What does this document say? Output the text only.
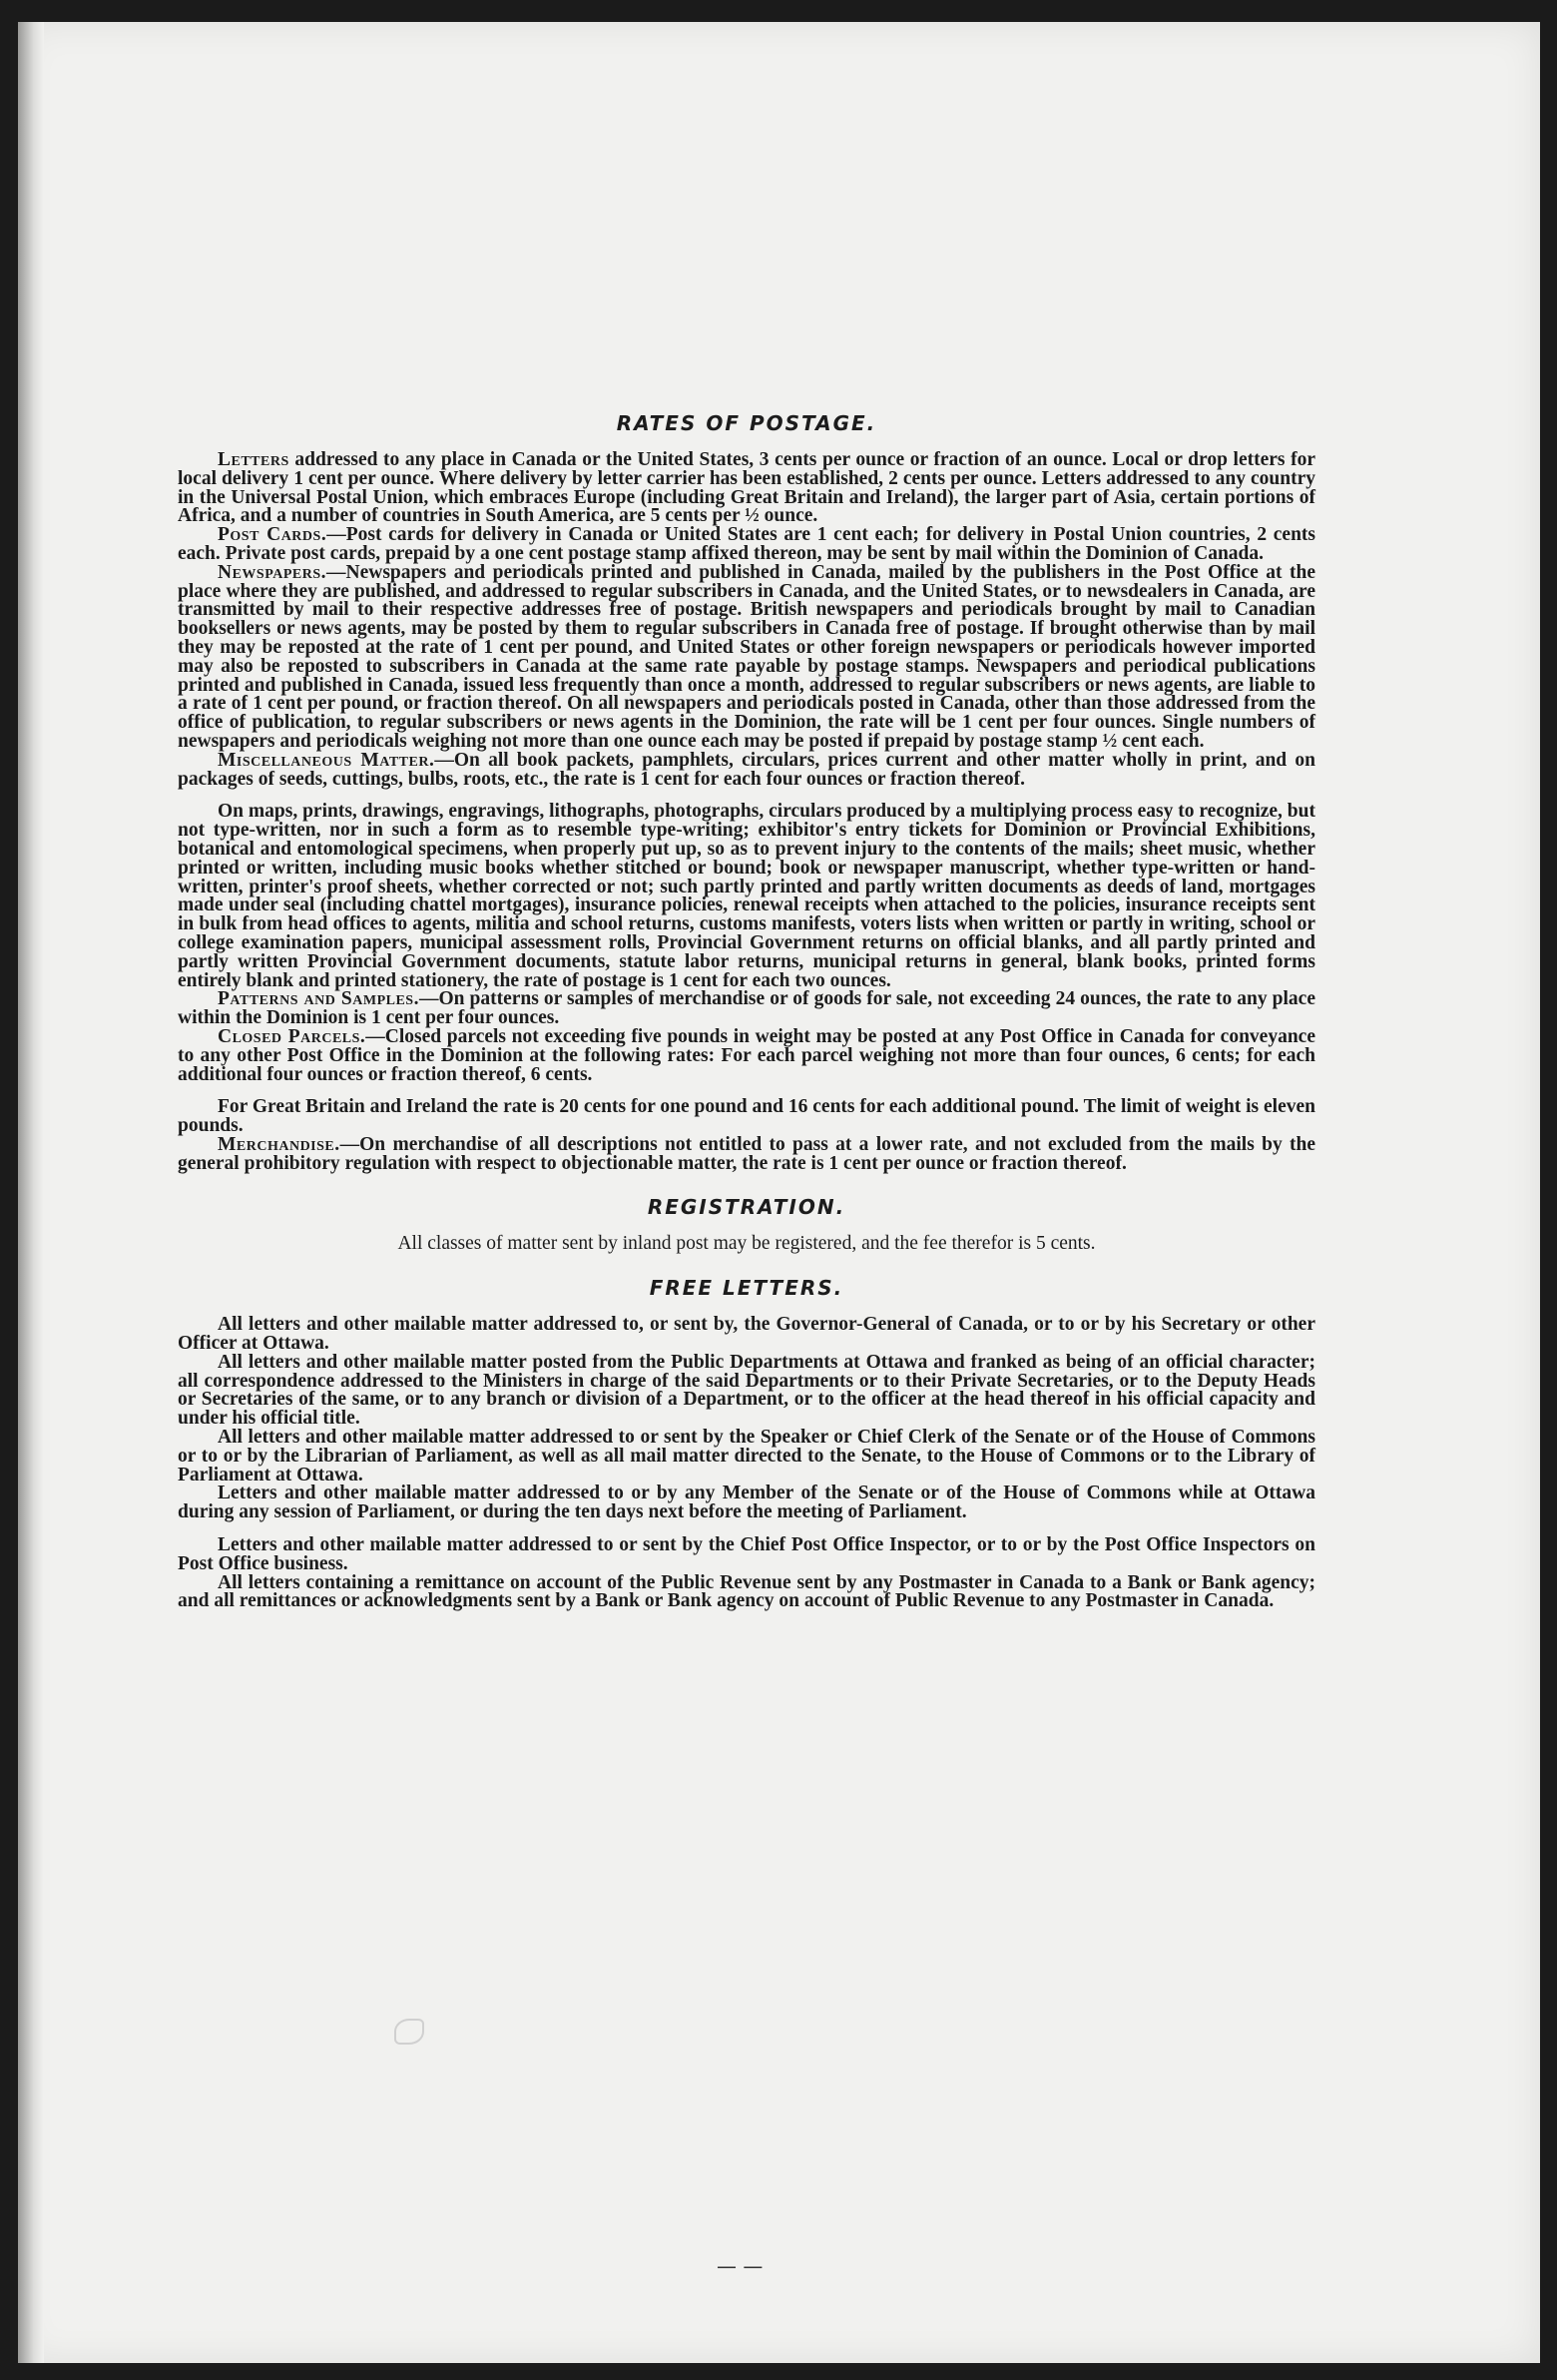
RATES OF POSTAGE.

Letters addressed to any place in Canada or the United States, 3 cents per ounce or fraction of an ounce. Local or drop letters for local delivery 1 cent per ounce. Where delivery by letter carrier has been established, 2 cents per ounce. Letters addressed to any country in the Universal Postal Union, which embraces Europe (including Great Britain and Ireland), the larger part of Asia, certain portions of Africa, and a number of countries in South America, are 5 cents per ½ ounce.

Post Cards.—Post cards for delivery in Canada or United States are 1 cent each; for delivery in Postal Union countries, 2 cents each. Private post cards, prepaid by a one cent postage stamp affixed thereon, may be sent by mail within the Dominion of Canada.

Newspapers.—Newspapers and periodicals printed and published in Canada, mailed by the publishers in the Post Office at the place where they are published, and addressed to regular subscribers in Canada, and the United States, or to newsdealers in Canada, are transmitted by mail to their respective addresses free of postage. British newspapers and periodicals brought by mail to Canadian booksellers or news agents, may be posted by them to regular subscribers in Canada free of postage. If brought otherwise than by mail they may be reposted at the rate of 1 cent per pound, and United States or other foreign newspapers or periodicals however imported may also be reposted to subscribers in Canada at the same rate payable by postage stamps. Newspapers and periodical publications printed and published in Canada, issued less frequently than once a month, addressed to regular subscribers or news agents, are liable to a rate of 1 cent per pound, or fraction thereof. On all newspapers and periodicals posted in Canada, other than those addressed from the office of publication, to regular subscribers or news agents in the Dominion, the rate will be 1 cent per four ounces. Single numbers of newspapers and periodicals weighing not more than one ounce each may be posted if prepaid by postage stamp ½ cent each.

Miscellaneous Matter.—On all book packets, pamphlets, circulars, prices current and other matter wholly in print, and on packages of seeds, cuttings, bulbs, roots, etc., the rate is 1 cent for each four ounces or fraction thereof.

On maps, prints, drawings, engravings, lithographs, photographs, circulars produced by a multiplying process easy to recognize, but not type-written, nor in such a form as to resemble type-writing; exhibitor's entry tickets for Dominion or Provincial Exhibitions, botanical and entomological specimens, when properly put up, so as to prevent injury to the contents of the mails; sheet music, whether printed or written, including music books whether stitched or bound; book or newspaper manuscript, whether type-written or hand-written, printer's proof sheets, whether corrected or not; such partly printed and partly written documents as deeds of land, mortgages made under seal (including chattel mortgages), insurance policies, renewal receipts when attached to the policies, insurance receipts sent in bulk from head offices to agents, militia and school returns, customs manifests, voters lists when written or partly in writing, school or college examination papers, municipal assessment rolls, Provincial Government returns on official blanks, and all partly printed and partly written Provincial Government documents, statute labor returns, municipal returns in general, blank books, printed forms entirely blank and printed stationery, the rate of postage is 1 cent for each two ounces.

Patterns and Samples.—On patterns or samples of merchandise or of goods for sale, not exceeding 24 ounces, the rate to any place within the Dominion is 1 cent per four ounces.

Closed Parcels.—Closed parcels not exceeding five pounds in weight may be posted at any Post Office in Canada for conveyance to any other Post Office in the Dominion at the following rates: For each parcel weighing not more than four ounces, 6 cents; for each additional four ounces or fraction thereof, 6 cents.

For Great Britain and Ireland the rate is 20 cents for one pound and 16 cents for each additional pound. The limit of weight is eleven pounds.

Merchandise.—On merchandise of all descriptions not entitled to pass at a lower rate, and not excluded from the mails by the general prohibitory regulation with respect to objectionable matter, the rate is 1 cent per ounce or fraction thereof.

REGISTRATION.

All classes of matter sent by inland post may be registered, and the fee therefor is 5 cents.

FREE LETTERS.

All letters and other mailable matter addressed to, or sent by, the Governor-General of Canada, or to or by his Secretary or other Officer at Ottawa.

All letters and other mailable matter posted from the Public Departments at Ottawa and franked as being of an official character; all correspondence addressed to the Ministers in charge of the said Departments or to their Private Secretaries, or to the Deputy Heads or Secretaries of the same, or to any branch or division of a Department, or to the officer at the head thereof in his official capacity and under his official title.

All letters and other mailable matter addressed to or sent by the Speaker or Chief Clerk of the Senate or of the House of Commons or to or by the Librarian of Parliament, as well as all mail matter directed to the Senate, to the House of Commons or to the Library of Parliament at Ottawa.

Letters and other mailable matter addressed to or by any Member of the Senate or of the House of Commons while at Ottawa during any session of Parliament, or during the ten days next before the meeting of Parliament.

Letters and other mailable matter addressed to or sent by the Chief Post Office Inspector, or to or by the Post Office Inspectors on Post Office business.

All letters containing a remittance on account of the Public Revenue sent by any Postmaster in Canada to a Bank or Bank agency; and all remittances or acknowledgments sent by a Bank or Bank agency on account of Public Revenue to any Postmaster in Canada.

— —
